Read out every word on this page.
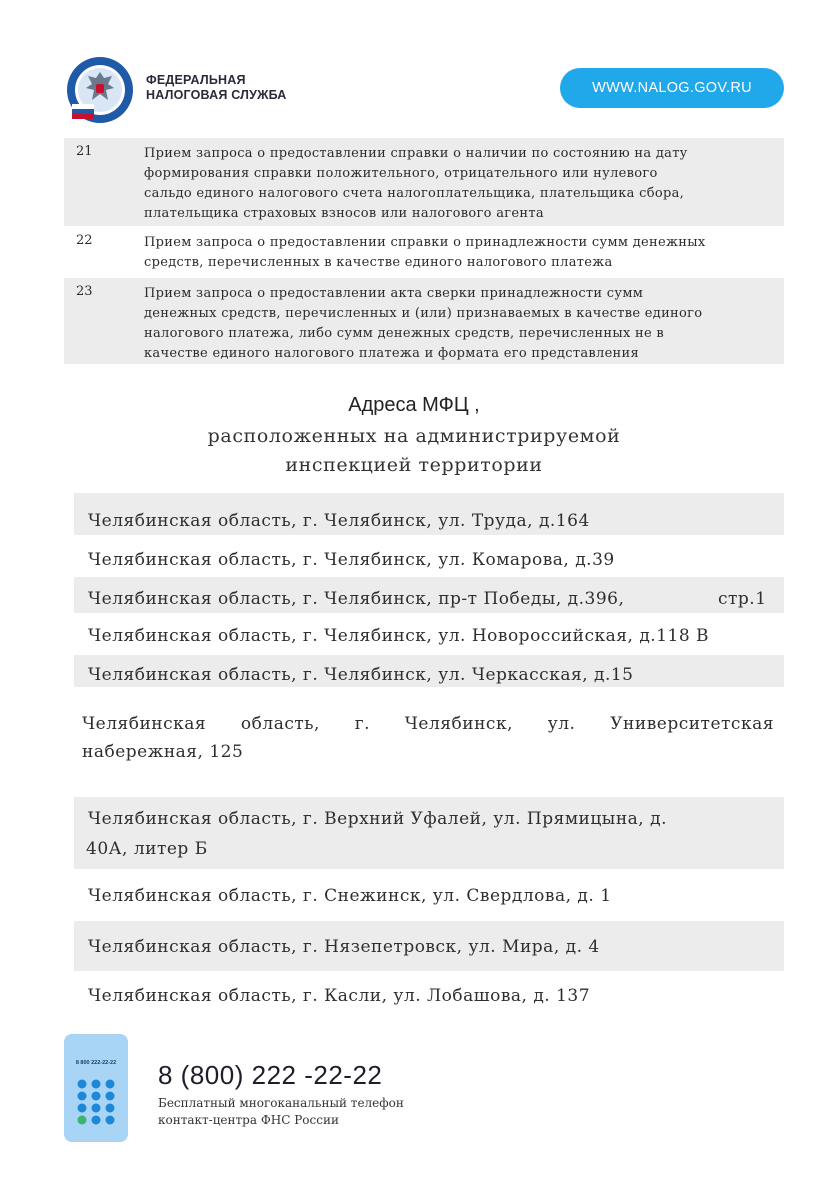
ФЕДЕРАЛЬНАЯ
НАЛОГОВАЯ СЛУЖБА	WWW.NALOG.GOV.RU
21	Прием запроса о предоставлении справки о наличии по состоянию на дату
формирования справки положительного, отрицательного или нулевого
сальдо единого налогового счета налогоплательщика, плательщика сбора,
плательщика страховых взносов или налогового агента
22	Прием запроса о предоставлении справки о принадлежности сумм денежных
средств, перечисленных в качестве единого налогового платежа
23	Прием запроса о предоставлении акта сверки принадлежности сумм
денежных средств, перечисленных и (или) признаваемых в качестве единого
налогового платежа, либо сумм денежных средств, перечисленных не в
качестве единого налогового платежа и формата его представления
Адреса МФЦ ,
расположенных на администрируемой
инспекцией территории
Челябинская область, г. Челябинск, ул. Труда, д.164
Челябинская область, г. Челябинск, ул. Комарова, д.39
Челябинская область, г. Челябинск, пр-т Победы, д.396,	стр.1
Челябинская область, г. Челябинск, ул. Новороссийская, д.118 В
Челябинская область, г. Челябинск, ул. Черкасская, д.15
Челябинская область, г. Челябинск, ул. Университетская
набережная, 125
Челябинская область, г. Верхний Уфалей, ул. Прямицына, д.
40А, литер Б
Челябинская область, г. Снежинск, ул. Свердлова, д. 1
Челябинская область, г. Нязепетровск, ул. Мира, д. 4
Челябинская область, г. Касли, ул. Лобашова, д. 137
8 800 222-22-22 8 (800) 222 -22-22
Бесплатный многоканальный телефон
контакт-центра ФНС России
